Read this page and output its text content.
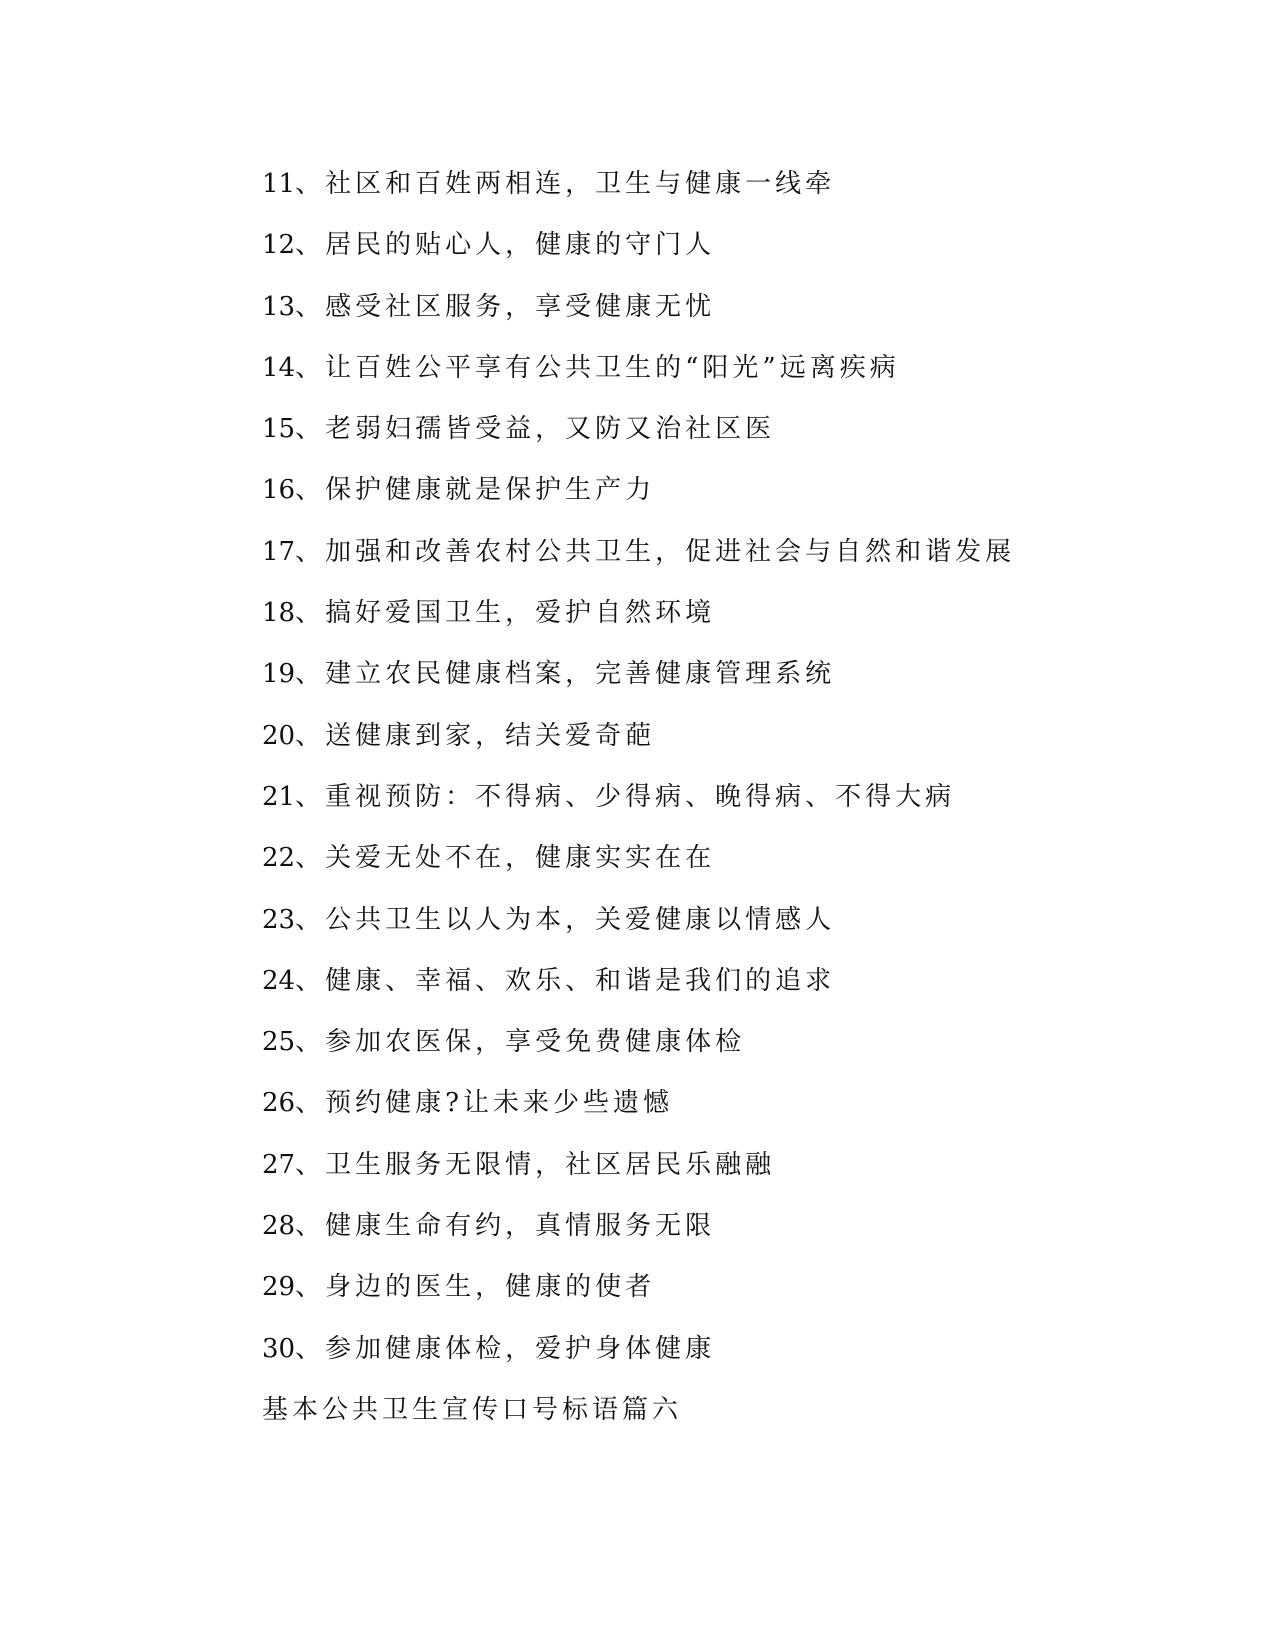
11、社区和百姓两相连，卫生与健康一线牵
12、居民的贴心人，健康的守门人
13、感受社区服务，享受健康无忧
14、让百姓公平享有公共卫生的“阳光”远离疾病
15、老弱妇孺皆受益，又防又治社区医
16、保护健康就是保护生产力
17、加强和改善农村公共卫生，促进社会与自然和谐发展
18、搞好爱国卫生，爱护自然环境
19、建立农民健康档案，完善健康管理系统
20、送健康到家，结关爱奇葩
21、重视预防：不得病、少得病、晚得病、不得大病
22、关爱无处不在，健康实实在在
23、公共卫生以人为本，关爱健康以情感人
24、健康、幸福、欢乐、和谐是我们的追求
25、参加农医保，享受免费健康体检
26、预约健康?让未来少些遗憾
27、卫生服务无限情，社区居民乐融融
28、健康生命有约，真情服务无限
29、身边的医生，健康的使者
30、参加健康体检，爱护身体健康
基本公共卫生宣传口号标语篇六
